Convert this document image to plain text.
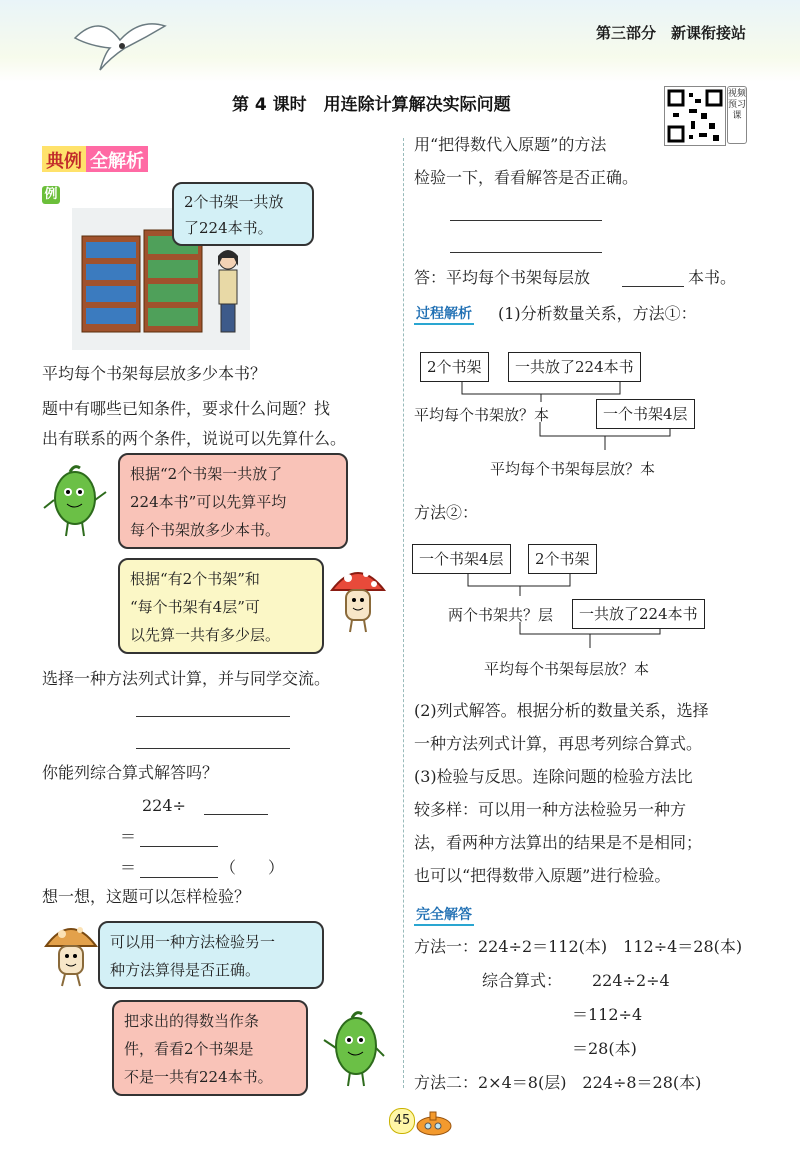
第三部分　新课衔接站
第 4 课时　用连除计算解决实际问题
视频预习课
典例 全解析
例	2个书架一共放
了224本书。
平均每个书架每层放多少本书？
题中有哪些已知条件，要求什么问题？找
出有联系的两个条件，说说可以先算什么。
根据“2个书架一共放了
224本书”可以先算平均
每个书架放多少本书。
根据“有2个书架”和
“每个书架有4层”可
以先算一共有多少层。
选择一种方法列式计算，并与同学交流。
你能列综合算式解答吗？
224÷
＝
＝	（　　）
想一想，这题可以怎样检验？
可以用一种方法检验另一
种方法算得是否正确。
把求出的得数当作条
件，看看2个书架是
不是一共有224本书。
用“把得数代入原题”的方法
检验一下，看看解答是否正确。
答：平均每个书架每层放	本书。
过程解析 (1)分析数量关系，方法①：
2个书架	一共放了224本书
平均每个书架放？本	一个书架4层
平均每个书架每层放？本
方法②：
一个书架4层	2个书架
两个书架共？层	一共放了224本书
平均每个书架每层放？本
(2)列式解答。根据分析的数量关系，选择
一种方法列式计算，再思考列综合算式。
(3)检验与反思。连除问题的检验方法比
较多样：可以用一种方法检验另一种方
法，看两种方法算出的结果是不是相同；
也可以“把得数带入原题”进行检验。
完全解答
方法一：224÷2＝112(本)　112÷4＝28(本)
综合算式： 224÷2÷4
＝112÷4
＝28(本)
方法二：2×4＝8(层)　224÷8＝28(本)
45
